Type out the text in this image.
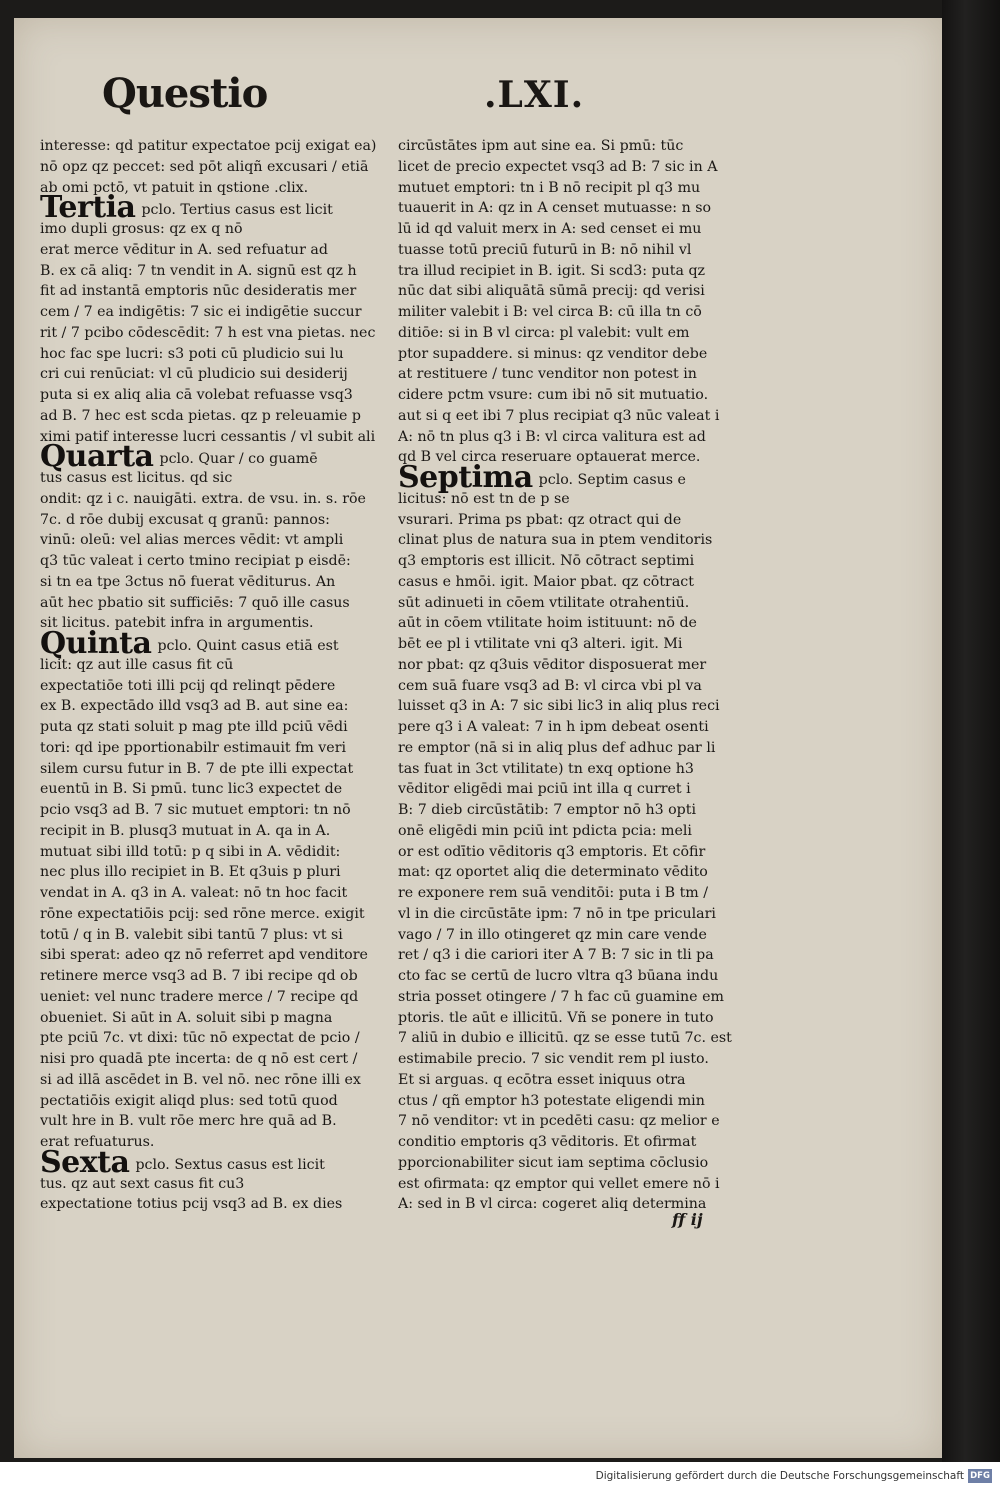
Questio	.LXI.
interesse: qd patitur expectatoe pcij exigat ea)
nō opz qz peccet: sed pōt aliqñ excusari / etiā
ab omi pctō, vt patuit in qstione .clix.
Tertia pclo. Tertius casus est licit
imo dupli grosus: qz ex q nō
erat merce vēditur in A. sed refuatur ad
B. ex cā aliq: 7 tn vendit in A. signū est qz h
fit ad instantā emptoris nūc desideratis mer
cem / 7 ea indigētis: 7 sic ei indigētie succur
rit / 7 pcibo cōdescēdit: 7 h est vna pietas. nec
hoc fac spe lucri: s3 poti cū pludicio sui lu
cri cui renūciat: vl cū pludicio sui desiderij
puta si ex aliq alia cā volebat refuasse vsq3
ad B. 7 hec est scda pietas. qz p releuamie p
ximi patif interesse lucri cessantis / vl subit ali
Quarta pclo. Quar / co guamē
tus casus est licitus. qd sic
ondit: qz i c. nauigāti. extra. de vsu. in. s. rōe
7c. d rōe dubij excusat q granū: pannos:
vinū: oleū: vel alias merces vēdit: vt ampli
q3 tūc valeat i certo tmino recipiat p eisdē:
si tn ea tpe 3ctus nō fuerat vēditurus. An
aūt hec pbatio sit sufficiēs: 7 quō ille casus
sit licitus. patebit infra in argumentis.
Quinta pclo. Quint casus etiā est
licit: qz aut ille casus fit cū
expectatiōe toti illi pcij qd relinqt pēdere
ex B. expectādo illd vsq3 ad B. aut sine ea:
puta qz stati soluit p mag pte illd pciū vēdi
tori: qd ipe pportionabilr estimauit fm veri
silem cursu futur in B. 7 de pte illi expectat
euentū in B. Si pmū. tunc lic3 expectet de
pcio vsq3 ad B. 7 sic mutuet emptori: tn nō
recipit in B. plusq3 mutuat in A. qa in A.
mutuat sibi illd totū: p q sibi in A. vēdidit:
nec plus illo recipiet in B. Et q3uis p pluri
vendat in A. q3 in A. valeat: nō tn hoc facit
rōne expectatiōis pcij: sed rōne merce. exigit
totū / q in B. valebit sibi tantū 7 plus: vt si
sibi sperat: adeo qz nō referret apd venditore
retinere merce vsq3 ad B. 7 ibi recipe qd ob
ueniet: vel nunc tradere merce / 7 recipe qd
obueniet. Si aūt in A. soluit sibi p magna
pte pciū 7c. vt dixi: tūc nō expectat de pcio /
nisi pro quadā pte incerta: de q nō est cert /
si ad illā ascēdet in B. vel nō. nec rōne illi ex
pectatiōis exigit aliqd plus: sed totū quod
vult hre in B. vult rōe merc hre quā ad B.
erat refuaturus.
Sexta pclo. Sextus casus est licit
tus. qz aut sext casus fit cu3
expectatione totius pcij vsq3 ad B. ex dies
circūstātes ipm aut sine ea. Si pmū: tūc
licet de precio expectet vsq3 ad B: 7 sic in A
mutuet emptori: tn i B nō recipit pl q3 mu
tuauerit in A: qz in A censet mutuasse: n so
lū id qd valuit merx in A: sed censet ei mu
tuasse totū preciū futurū in B: nō nihil vl
tra illud recipiet in B. igit. Si scd3: puta qz
nūc dat sibi aliquātā sūmā precij: qd verisi
militer valebit i B: vel circa B: cū illa tn cō
ditiōe: si in B vl circa: pl valebit: vult em
ptor supaddere. si minus: qz venditor debe
at restituere / tunc venditor non potest in
cidere pctm vsure: cum ibi nō sit mutuatio.
aut si q eet ibi 7 plus recipiat q3 nūc valeat i
A: nō tn plus q3 i B: vl circa valitura est ad
qd B vel circa reseruare optauerat merce.
Septima pclo. Septim casus e
licitus: nō est tn de p se
vsurari. Prima ps pbat: qz otract qui de
clinat plus de natura sua in ptem venditoris
q3 emptoris est illicit. Nō cōtract septimi
casus e hmōi. igit. Maior pbat. qz cōtract
sūt adinueti in cōem vtilitate otrahentiū.
aūt in cōem vtilitate hoim istituunt: nō de
bēt ee pl i vtilitate vni q3 alteri. igit. Mi
nor pbat: qz q3uis vēditor disposuerat mer
cem suā fuare vsq3 ad B: vl circa vbi pl va
luisset q3 in A: 7 sic sibi lic3 in aliq plus reci
pere q3 i A valeat: 7 in h ipm debeat osenti
re emptor (nā si in aliq plus def adhuc par li
tas fuat in 3ct vtilitate) tn exq optione h3
vēditor eligēdi mai pciū int illa q curret i
B: 7 dieb circūstātib: 7 emptor nō h3 opti
onē eligēdi min pciū int pdicta pcia: meli
or est odītio vēditoris q3 emptoris. Et cōfir
mat: qz oportet aliq die determinato vēdito
re exponere rem suā venditōi: puta i B tm /
vl in die circūstāte ipm: 7 nō in tpe priculari
vago / 7 in illo otingeret qz min care vende
ret / q3 i die cariori iter A 7 B: 7 sic in tli pa
cto fac se certū de lucro vltra q3 būana indu
stria posset otingere / 7 h fac cū guamine em
ptoris. tle aūt e illicitū. Vñ se ponere in tuto
7 aliū in dubio e illicitū. qz se esse tutū 7c. est
estimabile precio. 7 sic vendit rem pl iusto.
Et si arguas. q ecōtra esset iniquus otra
ctus / qñ emptor h3 potestate eligendi min
7 nō venditor: vt in pcedēti casu: qz melior e
conditio emptoris q3 vēditoris. Et ofirmat
pporcionabiliter sicut iam septima cōclusio
est ofirmata: qz emptor qui vellet emere nō i
A: sed in B vl circa: cogeret aliq determina
ff ij
Digitalisierung gefördert durch die Deutsche Forschungsgemeinschaft DFG
